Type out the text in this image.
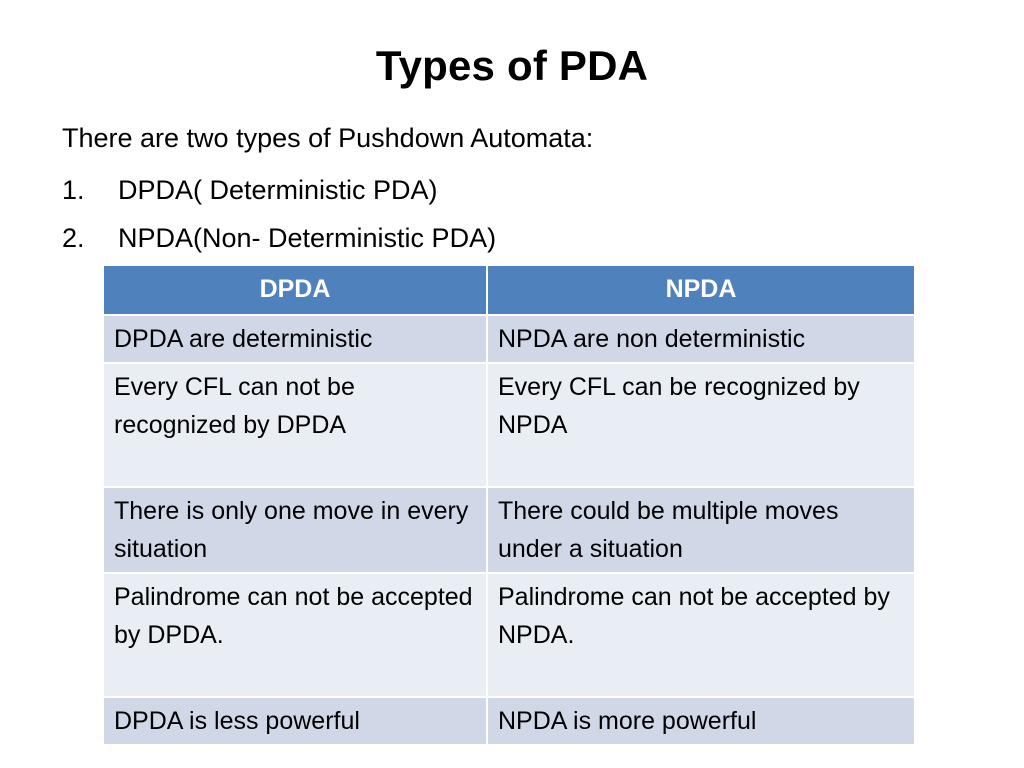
Types of PDA
There are two types of Pushdown Automata:
1.	DPDA( Deterministic PDA)
2.	NPDA(Non- Deterministic PDA)
DPDA	NPDA
DPDA are deterministic	NPDA are non deterministic
Every CFL can not be recognized by DPDA	Every CFL can be recognized by NPDA
There is only one move in every situation	There could be multiple moves under a situation
Palindrome can not be accepted by DPDA.	Palindrome can not be accepted by NPDA.
DPDA is less powerful	NPDA is more powerful
